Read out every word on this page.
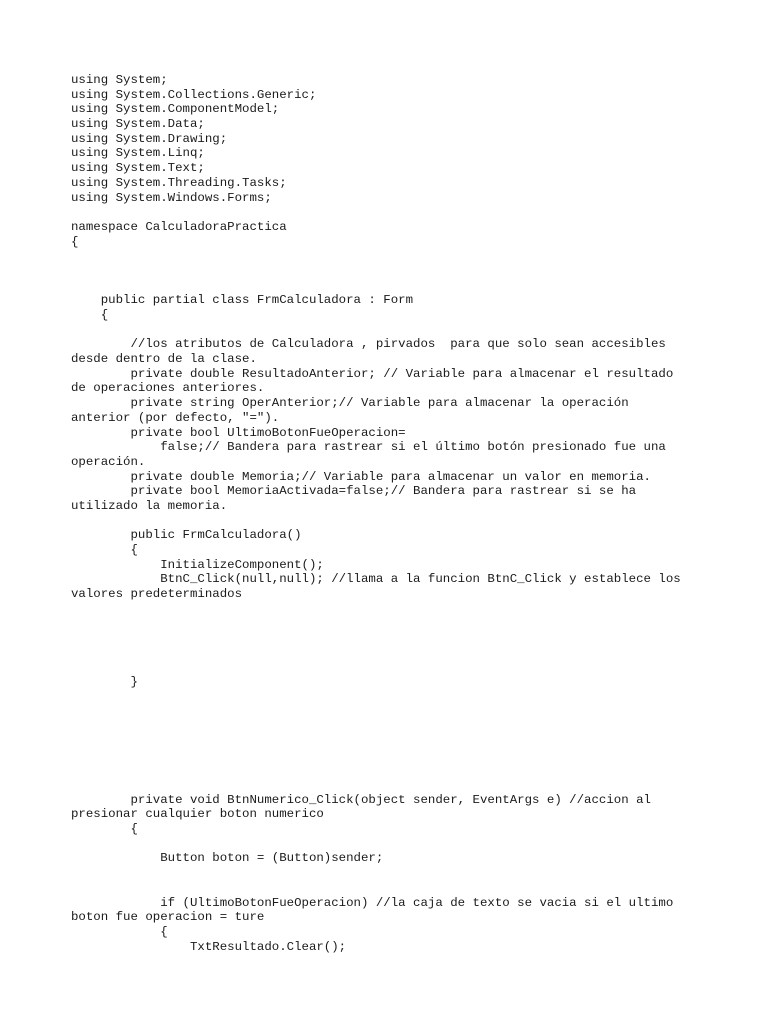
using System;
using System.Collections.Generic;
using System.ComponentModel;
using System.Data;
using System.Drawing;
using System.Linq;
using System.Text;
using System.Threading.Tasks;
using System.Windows.Forms;
namespace CalculadoraPractica
{
public partial class FrmCalculadora : Form
{
//los atributos de Calculadora , pirvados  para que solo sean accesibles
desde dentro de la clase.
private double ResultadoAnterior; // Variable para almacenar el resultado
de operaciones anteriores.
private string OperAnterior;// Variable para almacenar la operación
anterior (por defecto, "=").
private bool UltimoBotonFueOperacion=
false;// Bandera para rastrear si el último botón presionado fue una
operación.
private double Memoria;// Variable para almacenar un valor en memoria.
private bool MemoriaActivada=false;// Bandera para rastrear si se ha
utilizado la memoria.
public FrmCalculadora()
{
InitializeComponent();
BtnC_Click(null,null); //llama a la funcion BtnC_Click y establece los
valores predeterminados
}
private void BtnNumerico_Click(object sender, EventArgs e) //accion al
presionar cualquier boton numerico
{
Button boton = (Button)sender;
if (UltimoBotonFueOperacion) //la caja de texto se vacia si el ultimo
boton fue operacion = ture
{
TxtResultado.Clear();
